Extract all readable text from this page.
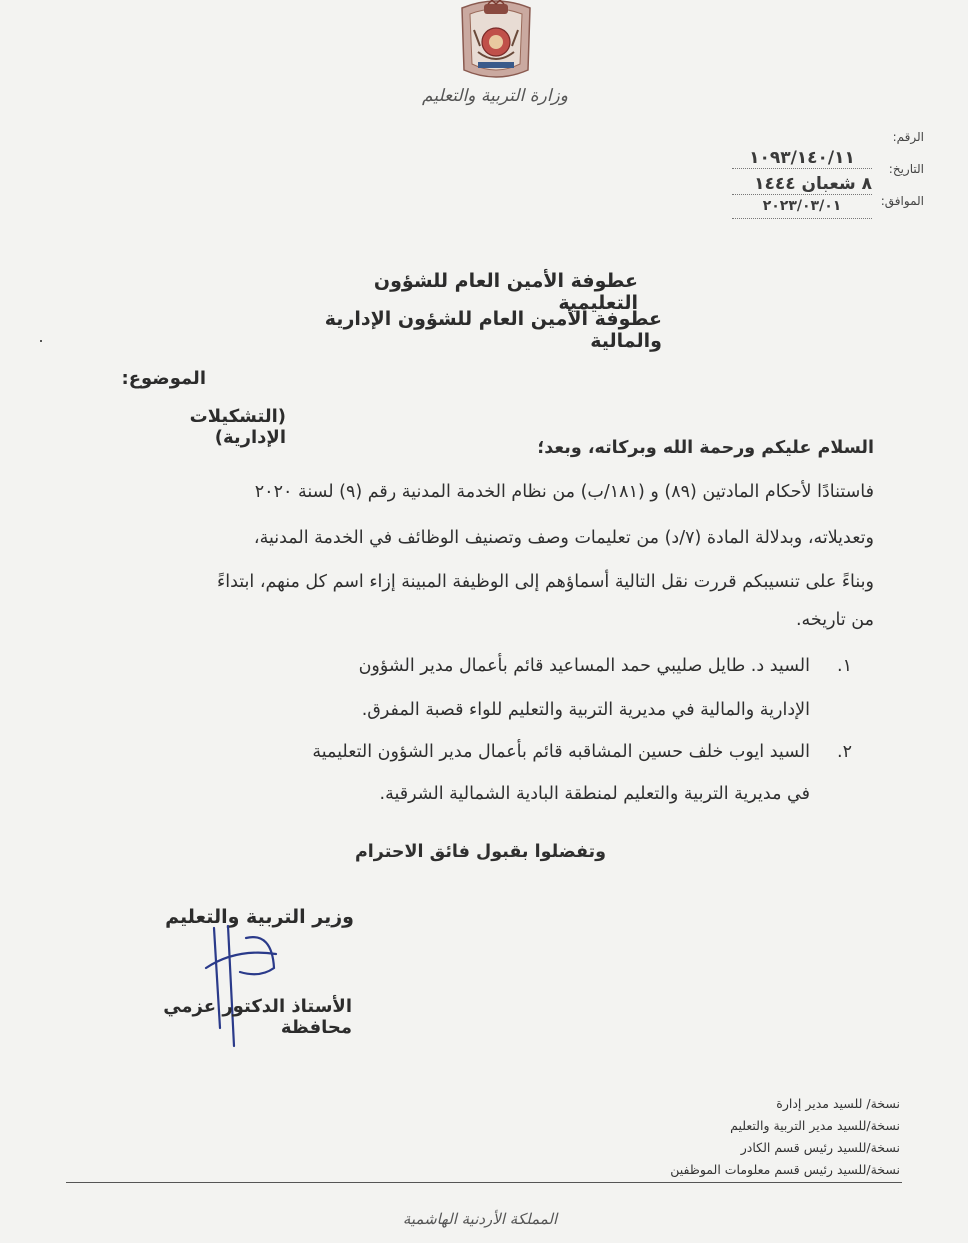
وزارة التربية والتعليم
الرقم:
١٠٩٣/١٤٠/١١
التاريخ:
٨ شعبان ١٤٤٤
الموافق:
٢٠٢٣/٠٣/٠١
عطوفة الأمين العام للشؤون التعليمية
عطوفة الأمين العام للشؤون الإدارية والمالية
الموضوع:
(التشكيلات الإدارية)	السلام عليكم ورحمة الله وبركاته، وبعد؛
فاستنادًا لأحكام المادتين (٨٩) و (١٨١/ب) من نظام الخدمة المدنية رقم (٩) لسنة ٢٠٢٠
وتعديلاته، وبدلالة المادة (٧/د) من تعليمات وصف وتصنيف الوظائف في الخدمة المدنية،
وبناءً على تنسيبكم قررت نقل التالية أسماؤهم إلى الوظيفة المبينة إزاء اسم كل منهم، ابتداءً
من تاريخه.
١.
السيد د. طايل صليبي حمد المساعيد قائم بأعمال مدير الشؤون
الإدارية والمالية في مديرية التربية والتعليم للواء قصبة المفرق.
٢.
السيد ايوب خلف حسين المشاقبه قائم بأعمال مدير الشؤون التعليمية
في مديرية التربية والتعليم لمنطقة البادية الشمالية الشرقية.
وتفضلوا بقبول فائق الاحترام
وزير التربية والتعليم
الأستاذ الدكتور عزمي محافظة
نسخة/ للسيد مدير إدارة
نسخة/للسيد مدير التربية والتعليم
نسخة/للسيد رئيس قسم الكادر
نسخة/للسيد رئيس قسم معلومات الموظفين
المملكة الأردنية الهاشمية
